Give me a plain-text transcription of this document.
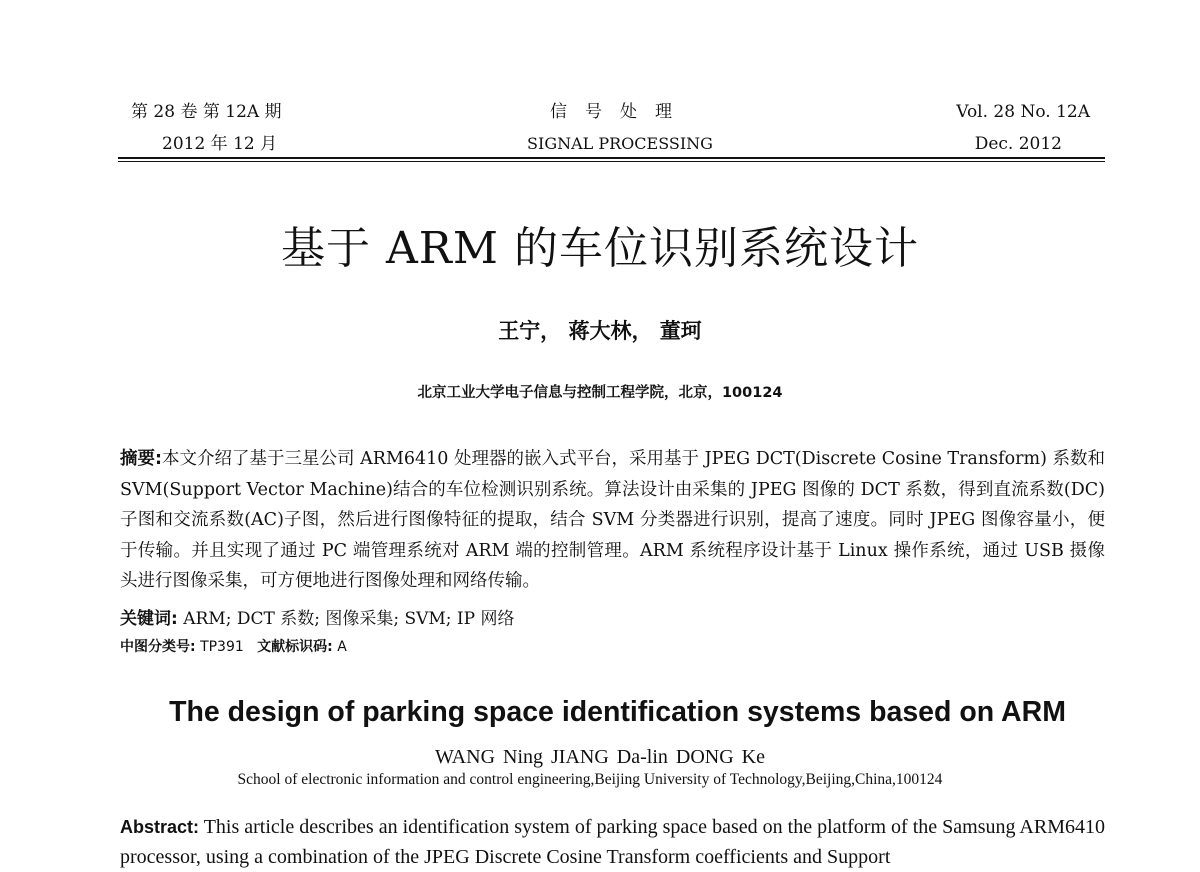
第 28 卷 第 12A 期
2012 年 12 月
信号处理
SIGNAL PROCESSING
Vol. 28 No. 12A
Dec. 2012
基于 ARM 的车位识别系统设计
王宁， 蒋大林， 董珂
北京工业大学电子信息与控制工程学院，北京，100124
摘要:本文介绍了基于三星公司 ARM6410 处理器的嵌入式平台，采用基于 JPEG DCT(Discrete Cosine Transform) 系数和 SVM(Support Vector Machine)结合的车位检测识别系统。算法设计由采集的 JPEG 图像的 DCT 系数，得到直流系数(DC)子图和交流系数(AC)子图，然后进行图像特征的提取，结合 SVM 分类器进行识别，提高了速度。同时 JPEG 图像容量小，便于传输。并且实现了通过 PC 端管理系统对 ARM 端的控制管理。ARM 系统程序设计基于 Linux 操作系统，通过 USB 摄像头进行图像采集，可方便地进行图像处理和网络传输。
关键词: ARM; DCT 系数; 图像采集; SVM; IP 网络
中图分类号: TP391 文献标识码: A
The design of parking space identification systems based on ARM
WANG Ning JIANG Da-lin DONG Ke
School of electronic information and control engineering,Beijing University of Technology,Beijing,China,100124
Abstract: This article describes an identification system of parking space based on the platform of the Samsung ARM6410 processor, using a combination of the JPEG Discrete Cosine Transform coefficients and Support
